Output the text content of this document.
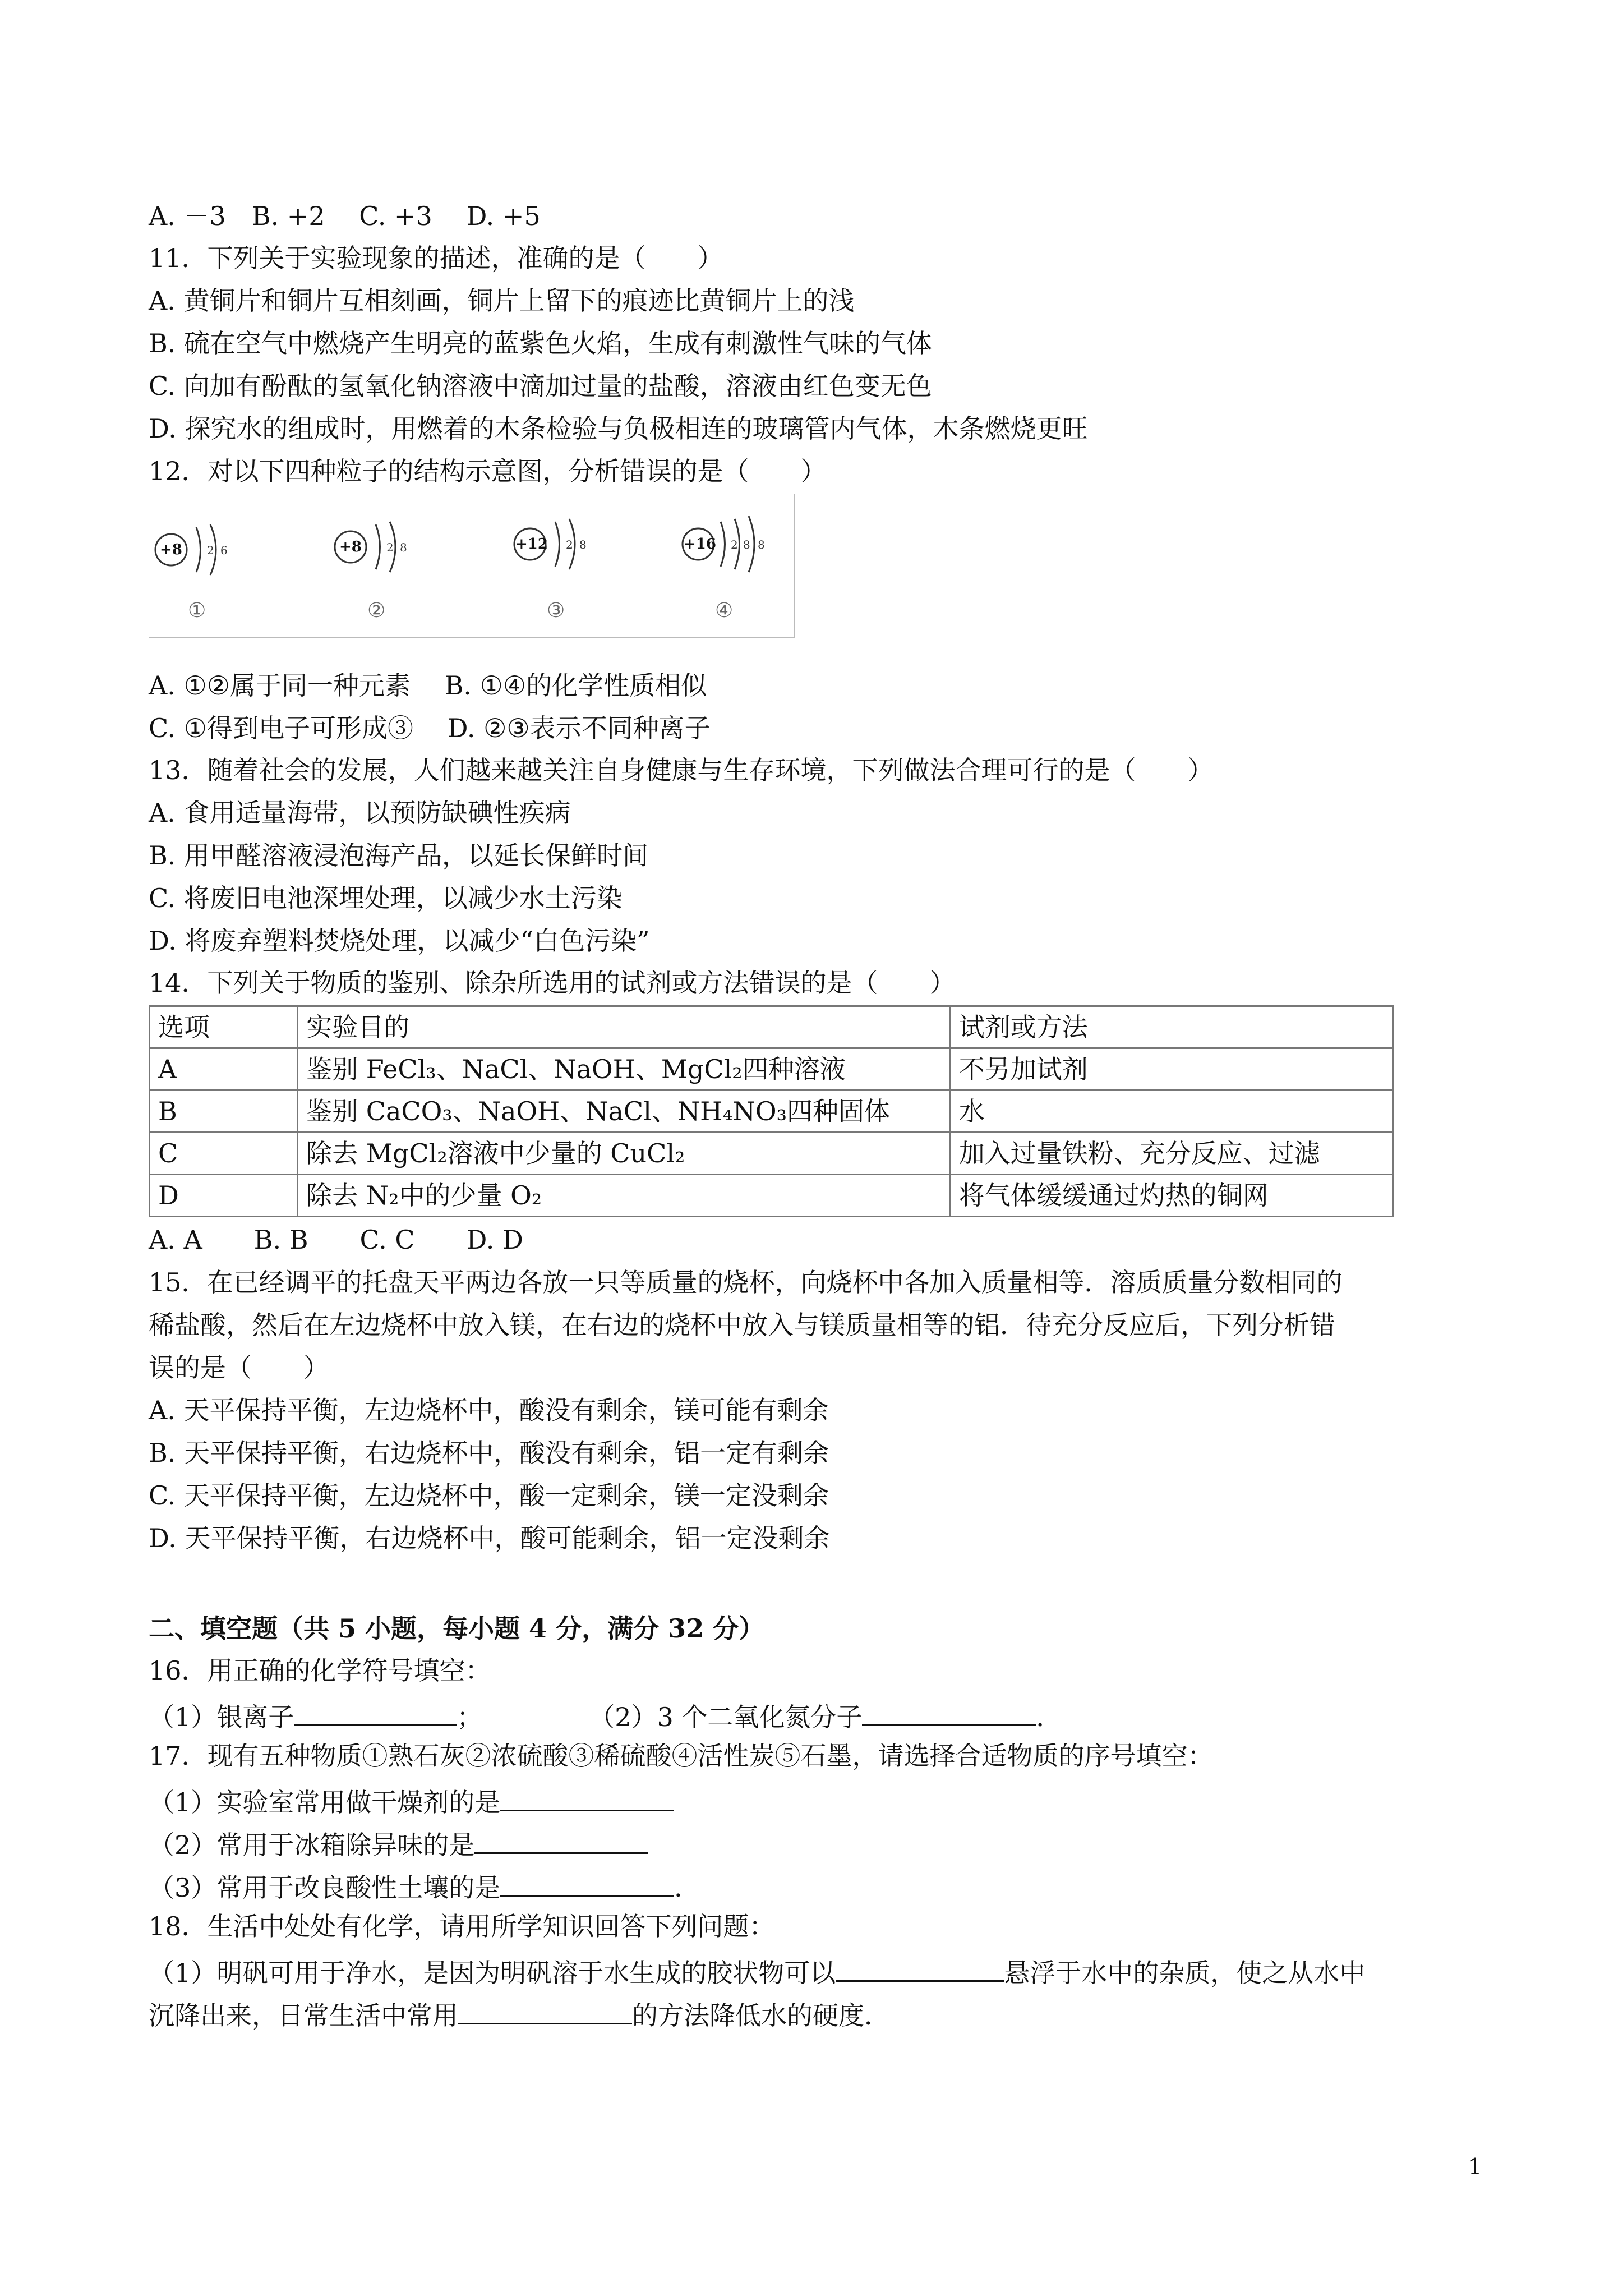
A. －3　B. +2　 C. +3　 D. +5
11．下列关于实验现象的描述，准确的是（　　）
A. 黄铜片和铜片互相刻画，铜片上留下的痕迹比黄铜片上的浅
B. 硫在空气中燃烧产生明亮的蓝紫色火焰，生成有刺激性气味的气体
C. 向加有酚酞的氢氧化钠溶液中滴加过量的盐酸，溶液由红色变无色
D. 探究水的组成时，用燃着的木条检验与负极相连的玻璃管内气体，木条燃烧更旺
12．对以下四种粒子的结构示意图，分析错误的是（　　）
2 6
+8
①
2 8
+8
②
2 8
+12
③
2 8 8
+16
④
A. ①②属于同一种元素　 B. ①④的化学性质相似
C. ①得到电子可形成③　 D. ②③表示不同种离子
13．随着社会的发展，人们越来越关注自身健康与生存环境，下列做法合理可行的是（　　）
A. 食用适量海带，以预防缺碘性疾病
B. 用甲醛溶液浸泡海产品，以延长保鲜时间
C. 将废旧电池深埋处理，以减少水土污染
D. 将废弃塑料焚烧处理，以减少“白色污染”
14．下列关于物质的鉴别、除杂所选用的试剂或方法错误的是（　　）
选项	实验目的	试剂或方法
A	鉴别 FeCl₃、NaCl、NaOH、MgCl₂四种溶液	不另加试剂
B	鉴别 CaCO₃、NaOH、NaCl、NH₄NO₃四种固体	水
C	除去 MgCl₂溶液中少量的 CuCl₂	加入过量铁粉、充分反应、过滤
D	除去 N₂中的少量 O₂	将气体缓缓通过灼热的铜网
A. A　　B. B　　C. C　　D. D
15．在已经调平的托盘天平两边各放一只等质量的烧杯，向烧杯中各加入质量相等．溶质质量分数相同的
稀盐酸，然后在左边烧杯中放入镁，在右边的烧杯中放入与镁质量相等的铝．待充分反应后，下列分析错
误的是（　　）
A. 天平保持平衡，左边烧杯中，酸没有剩余，镁可能有剩余
B. 天平保持平衡，右边烧杯中，酸没有剩余，铝一定有剩余
C. 天平保持平衡，左边烧杯中，酸一定剩余，镁一定没剩余
D. 天平保持平衡，右边烧杯中，酸可能剩余，铝一定没剩余
二、填空题（共 5 小题，每小题 4 分，满分 32 分）
16．用正确的化学符号填空：
（1）银离子	；	（2）3 个二氧化氮分子	．
17．现有五种物质①熟石灰②浓硫酸③稀硫酸④活性炭⑤石墨，请选择合适物质的序号填空：
（1）实验室常用做干燥剂的是
（2）常用于冰箱除异味的是
（3）常用于改良酸性土壤的是	．
18．生活中处处有化学，请用所学知识回答下列问题：
（1）明矾可用于净水，是因为明矾溶于水生成的胶状物可以	悬浮于水中的杂质，使之从水中
沉降出来，日常生活中常用	的方法降低水的硬度．
1
